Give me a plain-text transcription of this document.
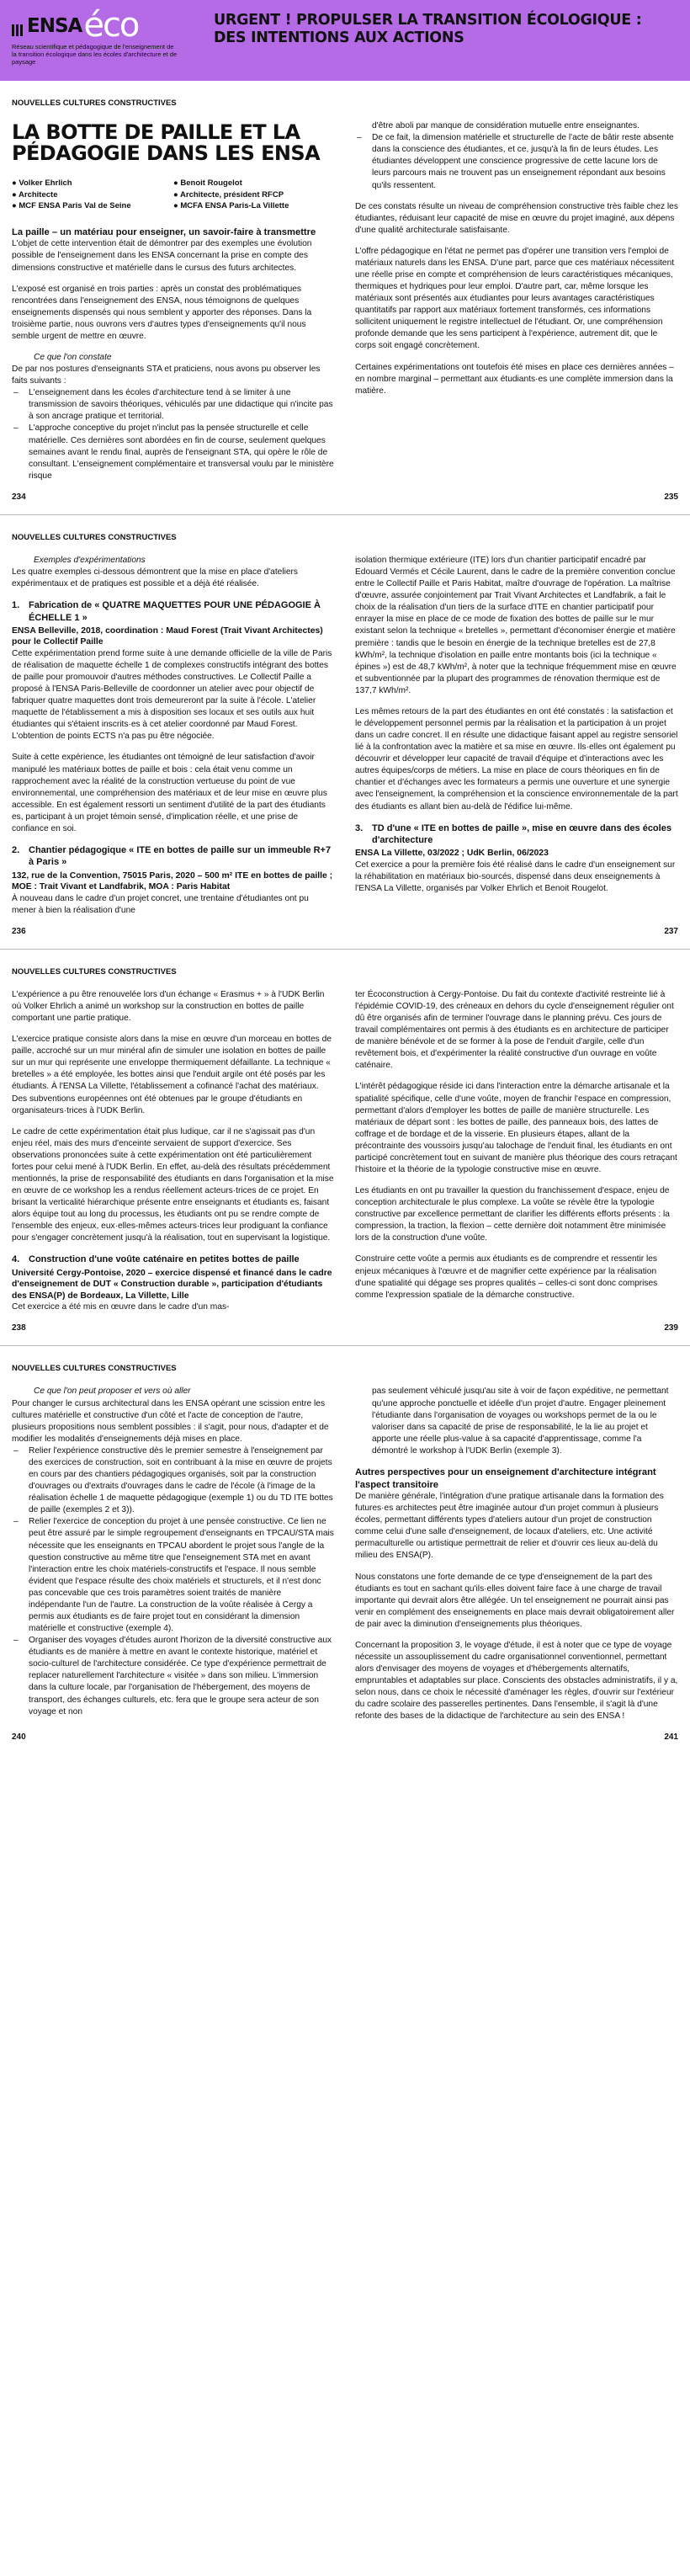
ENSA éco
Réseau scientifique et pédagogique de l'enseignement de la transition écologique dans les écoles d'architecture et de paysage
URGENT ! PROPULSER LA TRANSITION ÉCOLOGIQUE : DES INTENTIONS AUX ACTIONS
NOUVELLES CULTURES CONSTRUCTIVES
LA BOTTE DE PAILLE ET LA PÉDAGOGIE DANS LES ENSA
● Volker Ehrlich
● Architecte
● MCF ENSA Paris Val de Seine
● Benoit Rougelot
● Architecte, président RFCP
● MCFA ENSA Paris-La Villette
La paille – un matériau pour enseigner, un savoir-faire à transmettre

L'objet de cette intervention était de démontrer par des exemples une évolution possible de l'enseignement dans les ENSA concernant la prise en compte des dimensions constructive et matérielle dans le cursus des futurs architectes.

L'exposé est organisé en trois parties : après un constat des problématiques rencontrées dans l'enseignement des ENSA, nous témoignons de quelques enseignements dispensés qui nous semblent y apporter des réponses. Dans la troisième partie, nous ouvrons vers d'autres types d'enseignements qu'il nous semble urgent de mettre en œuvre.

Ce que l'on constate

De par nos postures d'enseignants STA et praticiens, nous avons pu observer les faits suivants :

– L'enseignement dans les écoles d'architecture tend à se limiter à une transmission de savoirs théoriques, véhiculés par une didactique qui n'incite pas à son ancrage pratique et territorial.
– L'approche conceptive du projet n'inclut pas la pensée structurelle et celle matérielle. Ces dernières sont abordées en fin de course, seulement quelques semaines avant le rendu final, auprès de l'enseignant STA, qui opère le rôle de consultant. L'enseignement complémentaire et transversal voulu par le ministère risque

d'être aboli par manque de considération mutuelle entre enseignantes.

– De ce fait, la dimension matérielle et structurelle de l'acte de bâtir reste absente dans la conscience des étudiantes, et ce, jusqu'à la fin de leurs études. Les étudiantes développent une conscience progressive de cette lacune lors de leurs parcours mais ne trouvent pas un enseignement répondant aux besoins qu'ils ressentent.

De ces constats résulte un niveau de compréhension constructive très faible chez les étudiantes, réduisant leur capacité de mise en œuvre du projet imaginé, aux dépens d'une qualité architecturale satisfaisante.

L'offre pédagogique en l'état ne permet pas d'opérer une transition vers l'emploi de matériaux naturels dans les ENSA. D'une part, parce que ces matériaux nécessitent une réelle prise en compte et compréhension de leurs caractéristiques mécaniques, thermiques et hydriques pour leur emploi. D'autre part, car, même lorsque les matériaux sont présentés aux étudiantes pour leurs avantages caractéristiques quantitatifs par rapport aux matériaux fortement transformés, ces informations sollicitent uniquement le registre intellectuel de l'étudiant. Or, une compréhension profonde demande que les sens participent à l'expérience, autrement dit, que le corps soit engagé concrètement.

Certaines expérimentations ont toutefois été mises en place ces dernières années – en nombre marginal – permettant aux étudiants·es une complète immersion dans la matière.

234	235
NOUVELLES CULTURES CONSTRUCTIVES
Exemples d'expérimentations

Les quatre exemples ci-dessous démontrent que la mise en place d'ateliers expérimentaux et de pratiques est possible et a déjà été réalisée.

1. Fabrication de « QUATRE MAQUETTES POUR UNE PÉDAGOGIE À ÉCHELLE 1 »
ENSA Belleville, 2018, coordination : Maud Forest (Trait Vivant Architectes) pour le Collectif Paille

Cette expérimentation prend forme suite à une demande officielle de la ville de Paris de réalisation de maquette échelle 1 de complexes constructifs intégrant des bottes de paille pour promouvoir d'autres méthodes constructives. Le Collectif Paille a proposé à l'ENSA Paris-Belleville de coordonner un atelier avec pour objectif de fabriquer quatre maquettes dont trois demeureront par la suite à l'école. L'atelier maquette de l'établissement a mis à disposition ses locaux et ses outils aux huit étudiantes qui s'étaient inscrits·es à cet atelier coordonné par Maud Forest. L'obtention de points ECTS n'a pas pu être négociée.

Suite à cette expérience, les étudiantes ont témoigné de leur satisfaction d'avoir manipulé les matériaux bottes de paille et bois : cela était venu comme un rapprochement avec la réalité de la construction vertueuse du point de vue environnemental, une compréhension des matériaux et de leur mise en œuvre plus accessible. En est également ressorti un sentiment d'utilité de la part des étudiants es, participant à un projet témoin sensé, d'implication réelle, et une prise de confiance en soi.

2. Chantier pédagogique « ITE en bottes de paille sur un immeuble R+7 à Paris »
132, rue de la Convention, 75015 Paris, 2020 – 500 m² ITE en bottes de paille ; MOE : Trait Vivant et Landfabrik, MOA : Paris Habitat

À nouveau dans le cadre d'un projet concret, une trentaine d'étudiantes ont pu mener à bien la réalisation d'une

isolation thermique extérieure (ITE) lors d'un chantier participatif encadré par Edouard Vermés et Cécile Laurent, dans le cadre de la première convention conclue entre le Collectif Paille et Paris Habitat, maître d'ouvrage de l'opération. La maîtrise d'œuvre, assurée conjointement par Trait Vivant Architectes et Landfabrik, a fait le choix de la réalisation d'un tiers de la surface d'ITE en chantier participatif pour enrayer la mise en place de ce mode de fixation des bottes de paille sur le mur existant selon la technique « bretelles », permettant d'économiser énergie et matière première : tandis que le besoin en énergie de la technique bretelles est de 27,8 kWh/m², la technique d'isolation en paille entre montants bois (ici la technique « épines ») est de 48,7 kWh/m², à noter que la technique fréquemment mise en œuvre et subventionnée par la plupart des programmes de rénovation thermique est de 137,7 kWh/m².

Les mêmes retours de la part des étudiantes en ont été constatés : la satisfaction et le développement personnel permis par la réalisation et la participation à un projet dans un cadre concret. Il en résulte une didactique faisant appel au registre sensoriel lié à la confrontation avec la matière et sa mise en œuvre. Ils·elles ont également pu découvrir et développer leur capacité de travail d'équipe et d'interactions avec les autres équipes/corps de métiers. La mise en place de cours théoriques en fin de chantier et d'échanges avec les formateurs a permis une ouverture et une synergie avec l'enseignement, la compréhension et la conscience environnementale de la part des étudiants es allant bien au-delà de l'édifice lui-même.

3. TD d'une « ITE en bottes de paille », mise en œuvre dans des écoles d'architecture
ENSA La Villette, 03/2022 ; UdK Berlin, 06/2023

Cet exercice a pour la première fois été réalisé dans le cadre d'un enseignement sur la réhabilitation en matériaux bio-sourcés, dispensé dans deux enseignements à l'ENSA La Villette, organisés par Volker Ehrlich et Benoit Rougelot.

236	237
NOUVELLES CULTURES CONSTRUCTIVES

L'expérience a pu être renouvelée lors d'un échange « Erasmus + » à l'UDK Berlin où Volker Ehrlich a animé un workshop sur la construction en bottes de paille comportant une partie pratique.

L'exercice pratique consiste alors dans la mise en œuvre d'un morceau en bottes de paille, accroché sur un mur minéral afin de simuler une isolation en bottes de paille sur un mur qui représente une enveloppe thermiquement défaillante. La technique « bretelles » a été employée, les bottes ainsi que l'enduit argile ont été posés par les étudiants. À l'ENSA La Villette, l'établissement a cofinancé l'achat des matériaux. Des subventions européennes ont été obtenues par le groupe d'étudiants en organisateurs·trices à l'UDK Berlin.

Le cadre de cette expérimentation était plus ludique, car il ne s'agissait pas d'un enjeu réel, mais des murs d'enceinte servaient de support d'exercice. Ses observations prononcées suite à cette expérimentation ont été particulièrement fortes pour celui mené à l'UDK Berlin. En effet, au-delà des résultats précédemment mentionnés, la prise de responsabilité des étudiants en dans l'organisation et la mise en œuvre de ce workshop les a rendus réellement acteurs·trices de ce projet. En brisant la verticalité hiérarchique présente entre enseignants et étudiants es, faisant alors équipe tout au long du processus, les étudiants ont pu se rendre compte de l'ensemble des enjeux, eux·elles-mêmes acteurs·trices leur prodiguant la confiance pour s'engager concrètement jusqu'à la réalisation, tout en supervisant la logistique.

4. Construction d'une voûte caténaire en petites bottes de paille
Université Cergy-Pontoise, 2020 – exercice dispensé et financé dans le cadre d'enseignement de DUT « Construction durable », participation d'étudiants des ENSA(P) de Bordeaux, La Villette, Lille

Cet exercice a été mis en œuvre dans le cadre d'un mas-

ter Écoconstruction à Cergy-Pontoise. Du fait du contexte d'activité restreinte lié à l'épidémie COVID-19, des créneaux en dehors du cycle d'enseignement régulier ont dû être organisés afin de terminer l'ouvrage dans le planning prévu. Ces jours de travail complémentaires ont permis à des étudiants es en architecture de participer de manière bénévole et de se former à la pose de l'enduit d'argile, celle d'un revêtement bois, et d'expérimenter la réalité constructive d'un ouvrage en voûte caténaire.

L'intérêt pédagogique réside ici dans l'interaction entre la démarche artisanale et la spatialité spécifique, celle d'une voûte, moyen de franchir l'espace en compression, permettant d'alors d'employer les bottes de paille de manière structurelle. Les matériaux de départ sont : les bottes de paille, des panneaux bois, des lattes de coffrage et de bordage et de la visserie. En plusieurs étapes, allant de la précontrainte des voussoirs jusqu'au talochage de l'enduit final, les étudiants en ont participé concrètement tout en suivant de manière plus théorique des cours retraçant l'histoire et la théorie de la typologie constructive mise en œuvre.

Les étudiants en ont pu travailler la question du franchissement d'espace, enjeu de conception architecturale le plus complexe. La voûte se révèle être la typologie constructive par excellence permettant de clarifier les différents efforts présents : la compression, la traction, la flexion – cette dernière doit notamment être minimisée lors de la construction d'une voûte.

Construire cette voûte a permis aux étudiants es de comprendre et ressentir les enjeux mécaniques à l'œuvre et de magnifier cette expérience par la réalisation d'une spatialité qui dégage ses propres qualités – celles-ci sont donc comprises comme l'expression spatiale de la démarche constructive.

238	239
NOUVELLES CULTURES CONSTRUCTIVES
Ce que l'on peut proposer et vers où aller

Pour changer le cursus architectural dans les ENSA opérant une scission entre les cultures matérielle et constructive d'un côté et l'acte de conception de l'autre, plusieurs propositions nous semblent possibles : il s'agit, pour nous, d'adapter et de modifier les modalités d'enseignements déjà mises en place.

– Relier l'expérience constructive dès le premier semestre à l'enseignement par des exercices de construction, soit en contribuant à la mise en œuvre de projets en cours par des chantiers pédagogiques organisés, soit par la construction d'ouvrages ou d'extraits d'ouvrages dans le cadre de l'école (à l'image de la réalisation échelle 1 de maquette pédagogique (exemple 1) ou du TD ITE bottes de paille (exemples 2 et 3)).
– Relier l'exercice de conception du projet à une pensée constructive. Ce lien ne peut être assuré par le simple regroupement d'enseignants en TPCAU/STA mais nécessite que les enseignants en TPCAU abordent le projet sous l'angle de la question constructive au même titre que l'enseignement STA met en avant l'interaction entre les choix matériels-constructifs et l'espace. Il nous semble évident que l'espace résulte des choix matériels et structurels, et il n'est donc pas concevable que ces trois paramètres soient traités de manière indépendante l'un de l'autre. La construction de la voûte réalisée à Cergy a permis aux étudiants es de faire projet tout en considérant la dimension matérielle et constructive (exemple 4).
– Organiser des voyages d'études auront l'horizon de la diversité constructive aux étudiants es de manière à mettre en avant le contexte historique, matériel et socio-culturel de l'architecture considérée. Ce type d'expérience permettrait de replacer naturellement l'architecture « visitée » dans son milieu. L'immersion dans la culture locale, par l'organisation de l'hébergement, des moyens de transport, des échanges culturels, etc. fera que le groupe sera acteur de son voyage et non

pas seulement véhiculé jusqu'au site à voir de façon expéditive, ne permettant qu'une approche ponctuelle et idéelle d'un projet d'autre. Engager pleinement l'étudiante dans l'organisation de voyages ou workshops permet de la ou le valoriser dans sa capacité de prise de responsabilité, le la lie au projet et apporte une réelle plus-value à sa capacité d'apprentissage, comme l'a démontré le workshop à l'UDK Berlin (exemple 3).

Autres perspectives pour un enseignement d'architecture intégrant l'aspect transitoire

De manière générale, l'intégration d'une pratique artisanale dans la formation des futures·es architectes peut être imaginée autour d'un projet commun à plusieurs écoles, permettant différents types d'ateliers autour d'un projet de construction comme celui d'une salle d'enseignement, de locaux d'ateliers, etc. Une activité permaculturelle ou artistique permettrait de relier et d'ouvrir ces lieux au-delà du milieu des ENSA(P).

Nous constatons une forte demande de ce type d'enseignement de la part des étudiants es tout en sachant qu'ils·elles doivent faire face à une charge de travail importante qui devrait alors être allégée. Un tel enseignement ne pourrait ainsi pas venir en complément des enseignements en place mais devrait obligatoirement aller de pair avec la diminution d'enseignements plus théoriques.

Concernant la proposition 3, le voyage d'étude, il est à noter que ce type de voyage nécessite un assouplissement du cadre organisationnel conventionnel, permettant alors d'envisager des moyens de voyages et d'hébergements alternatifs, empruntables et adaptables sur place. Conscients des obstacles administratifs, il y a, selon nous, dans ce choix le nécessité d'aménager les règles, d'ouvrir sur l'extérieur du cadre scolaire des passerelles pertinentes. Dans l'ensemble, il s'agit là d'une refonte des bases de la didactique de l'architecture au sein des ENSA !

240	241
